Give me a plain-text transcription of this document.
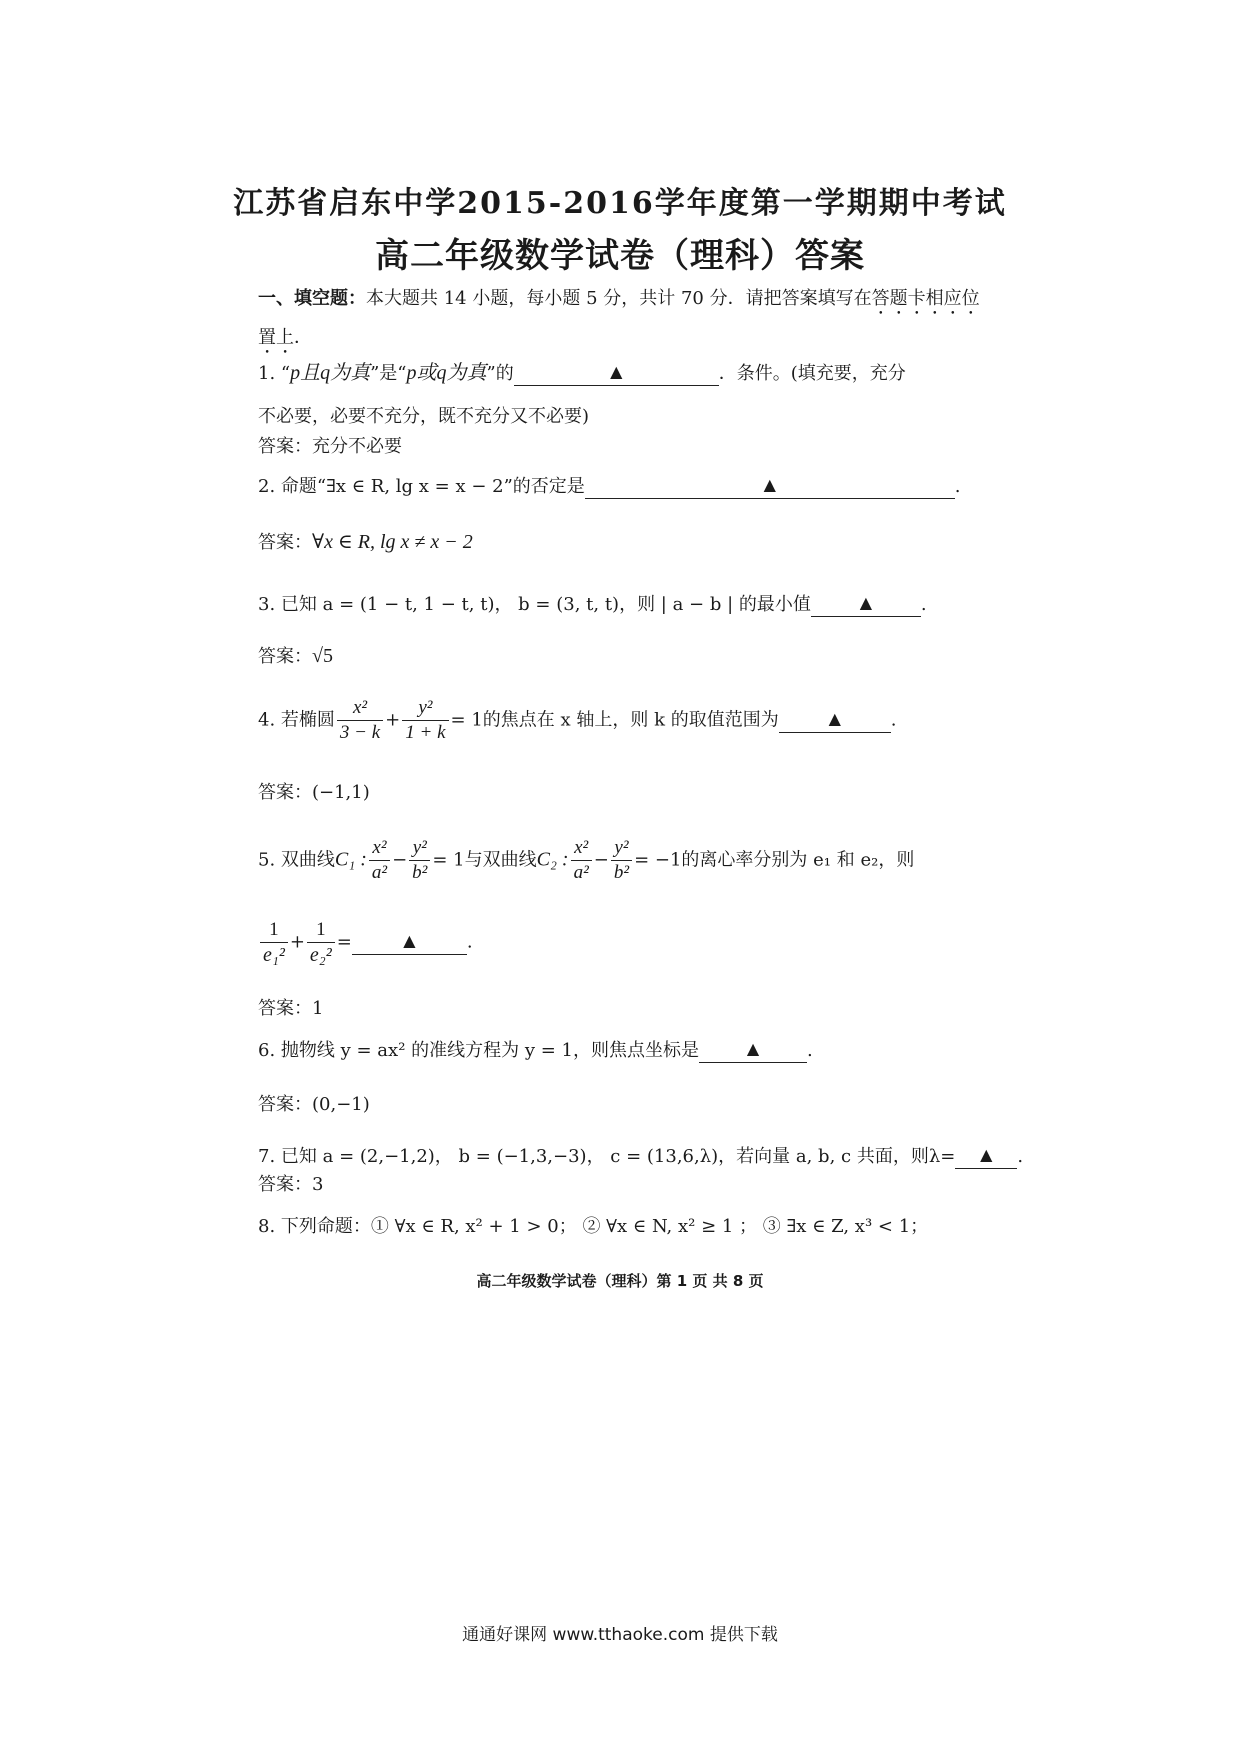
江苏省启东中学2015-2016学年度第一学期期中考试
高二年级数学试卷（理科）答案
一、填空题：本大题共 14 小题，每小题 5 分，共计 70 分．请把答案填写在答题卡相应位置上．
1. “p且q为真”是“p或q为真”的	▲	．条件。(填充要，充分
不必要，必要不充分，既不充分又不必要)
答案：充分不必要
2. 命题“∃x ∈ R, lg x = x − 2”的否定是	▲	.
答案：∀x ∈ R, lg x ≠ x − 2
3. 已知 a = (1 − t, 1 − t, t)， b = (3, t, t)，则 | a − b | 的最小值	▲	.
答案：√5
4. 若椭圆 $\frac{\text{x²}}{3 - k} + \frac{\text{y²}}{1 + k} = 1$的焦点在 x 轴上，则 k 的取值范围为	▲	.
答案：(−1,1)
5. 双曲线C₁ : $\frac{\text{x²}}{\text{a²}} - \frac{\text{y²}}{\text{b²}} = 1$与双曲线C₂ : $\frac{\text{x²}}{\text{a²}} - \frac{\text{y²}}{\text{b²}} = -1$的离心率分别为 e₁ 和 e₂，则
$\frac{1}{\text{e₁²}} + \frac{1}{\text{e₂²}}$ =	▲	.
答案：1
6. 抛物线 y = ax² 的准线方程为 y = 1，则焦点坐标是	▲	.
答案：(0,−1)
7. 已知 a = (2,−1,2)， b = (−1,3,−3)， c = (13,6,λ)，若向量 a, b, c 共面，则λ= ▲ .
答案：3
8. 下列命题：① ∀x ∈ R, x² + 1 > 0； ② ∀x ∈ N, x² ≥ 1 ； ③ ∃x ∈ Z, x³ < 1；
高二年级数学试卷（理科）第 1 页 共 8 页
通通好课网 www.tthaoke.com 提供下载
